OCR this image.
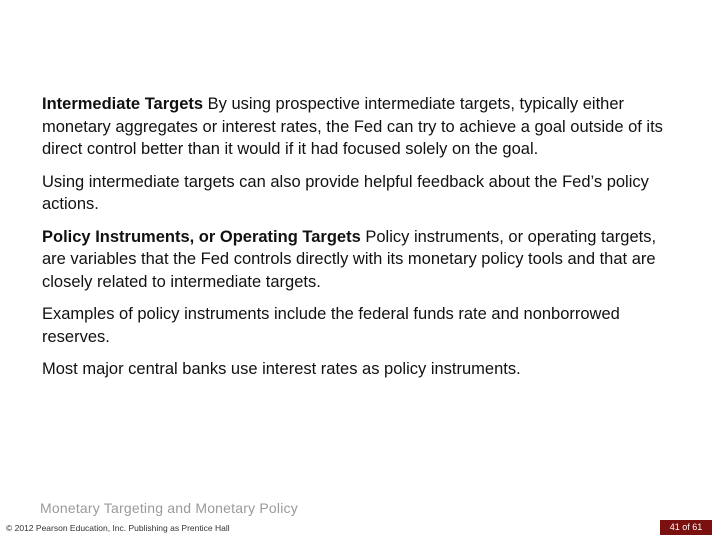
Intermediate Targets By using prospective intermediate targets, typically either monetary aggregates or interest rates, the Fed can try to achieve a goal outside of its direct control better than it would if it had focused solely on the goal.

Using intermediate targets can also provide helpful feedback about the Fed’s policy actions.

Policy Instruments, or Operating Targets Policy instruments, or operating targets, are variables that the Fed controls directly with its monetary policy tools and that are closely related to intermediate targets.

Examples of policy instruments include the federal funds rate and nonborrowed reserves.

Most major central banks use interest rates as policy instruments.

Monetary Targeting and Monetary Policy
© 2012 Pearson Education, Inc. Publishing as Prentice Hall	41 of 61
